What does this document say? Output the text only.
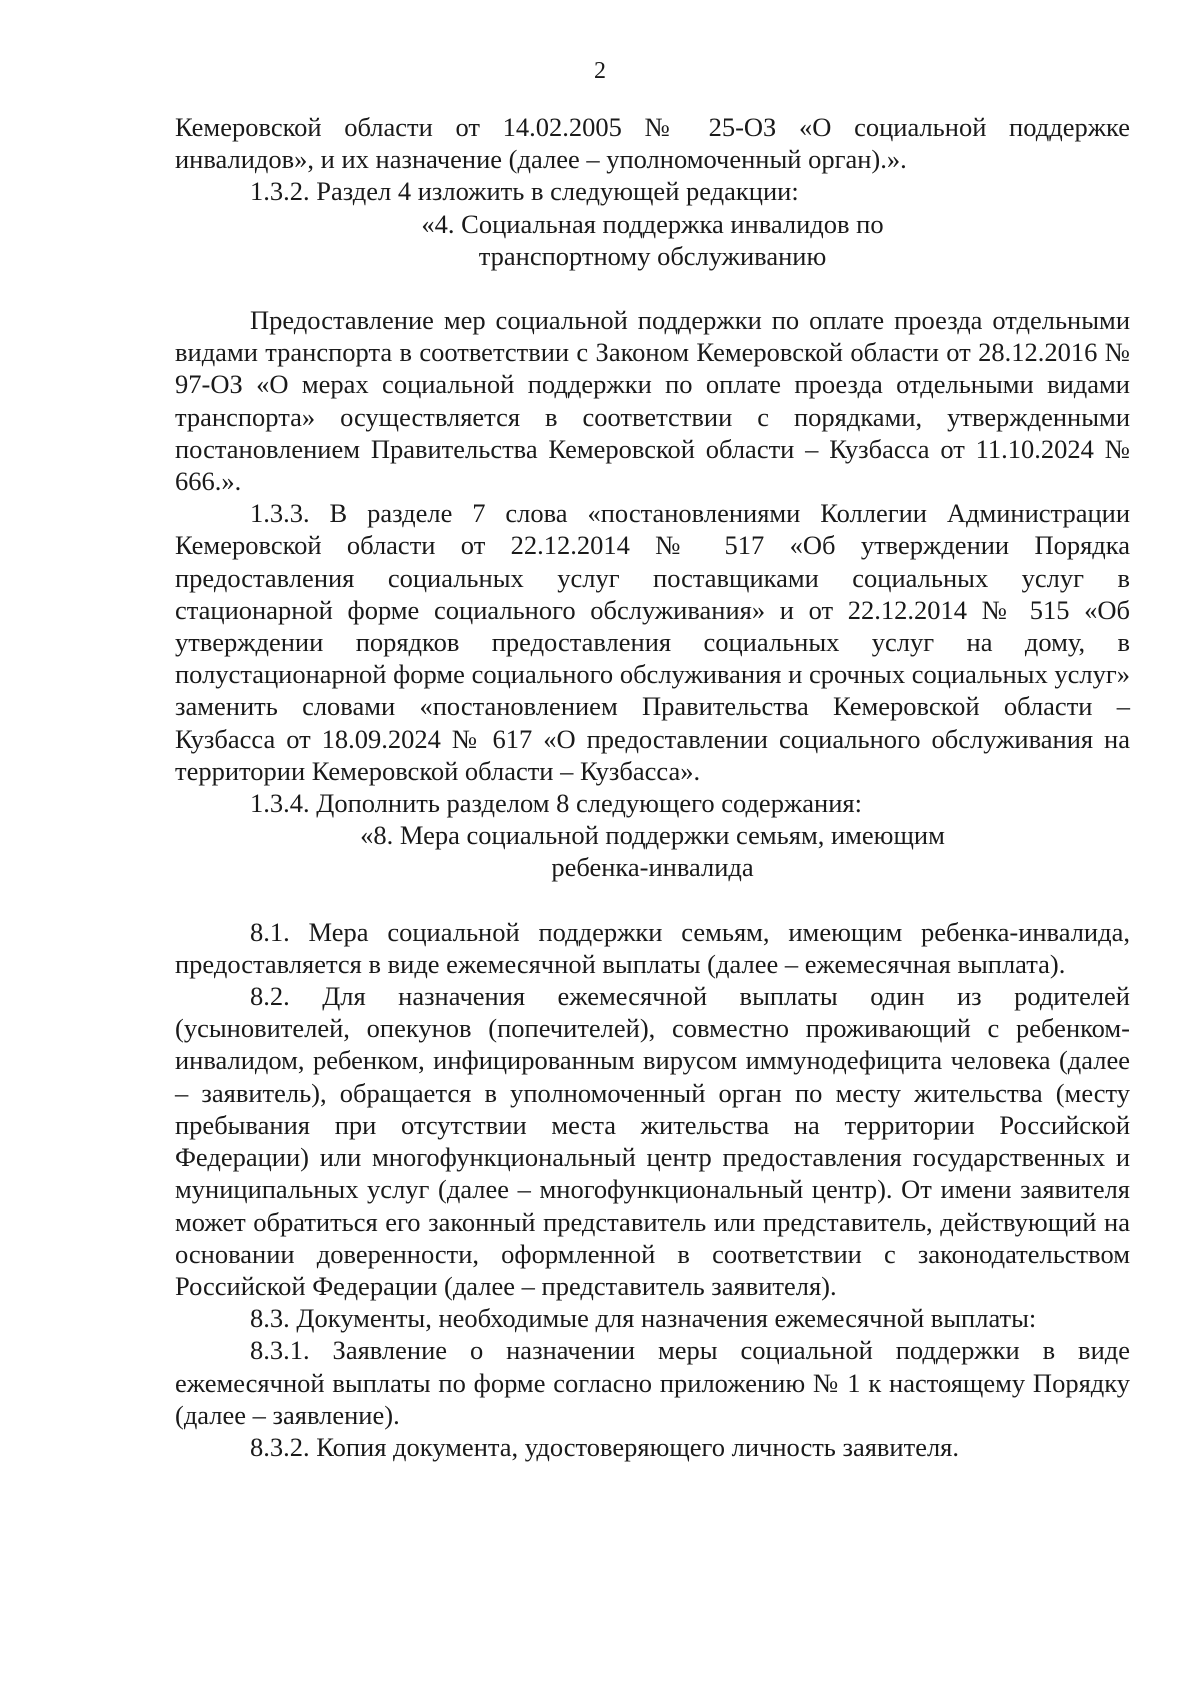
2

Кемеровской области от 14.02.2005 № 25-ОЗ «О социальной поддержке инвалидов», и их назначение (далее – уполномоченный орган).».

1.3.2. Раздел 4 изложить в следующей редакции:

«4. Социальная поддержка инвалидов по

транспортному обслуживанию

Предоставление мер социальной поддержки по оплате проезда отдельными видами транспорта в соответствии с Законом Кемеровской области от 28.12.2016 № 97-ОЗ «О мерах социальной поддержки по оплате проезда отдельными видами транспорта» осуществляется в соответствии с порядками, утвержденными постановлением Правительства Кемеровской области – Кузбасса от 11.10.2024 № 666.».

1.3.3. В разделе 7 слова «постановлениями Коллегии Администрации Кемеровской области от 22.12.2014 № 517 «Об утверждении Порядка предоставления социальных услуг поставщиками социальных услуг в стационарной форме социального обслуживания» и от 22.12.2014 № 515 «Об утверждении порядков предоставления социальных услуг на дому, в полустационарной форме социального обслуживания и срочных социальных услуг» заменить словами «постановлением Правительства Кемеровской области – Кузбасса от 18.09.2024 № 617 «О предоставлении социального обслуживания на территории Кемеровской области – Кузбасса».

1.3.4. Дополнить разделом 8 следующего содержания:

«8. Мера социальной поддержки семьям, имеющим

ребенка-инвалида

8.1. Мера социальной поддержки семьям, имеющим ребенка-инвалида, предоставляется в виде ежемесячной выплаты (далее – ежемесячная выплата).

8.2. Для назначения ежемесячной выплаты один из родителей (усыновителей, опекунов (попечителей), совместно проживающий с ребенком-инвалидом, ребенком, инфицированным вирусом иммунодефицита человека (далее – заявитель), обращается в уполномоченный орган по месту жительства (месту пребывания при отсутствии места жительства на территории Российской Федерации) или многофункциональный центр предоставления государственных и муниципальных услуг (далее – многофункциональный центр). От имени заявителя может обратиться его законный представитель или представитель, действующий на основании доверенности, оформленной в соответствии с законодательством Российской Федерации (далее – представитель заявителя).

8.3. Документы, необходимые для назначения ежемесячной выплаты:

8.3.1. Заявление о назначении меры социальной поддержки в виде ежемесячной выплаты по форме согласно приложению № 1 к настоящему Порядку (далее – заявление).

8.3.2. Копия документа, удостоверяющего личность заявителя.
